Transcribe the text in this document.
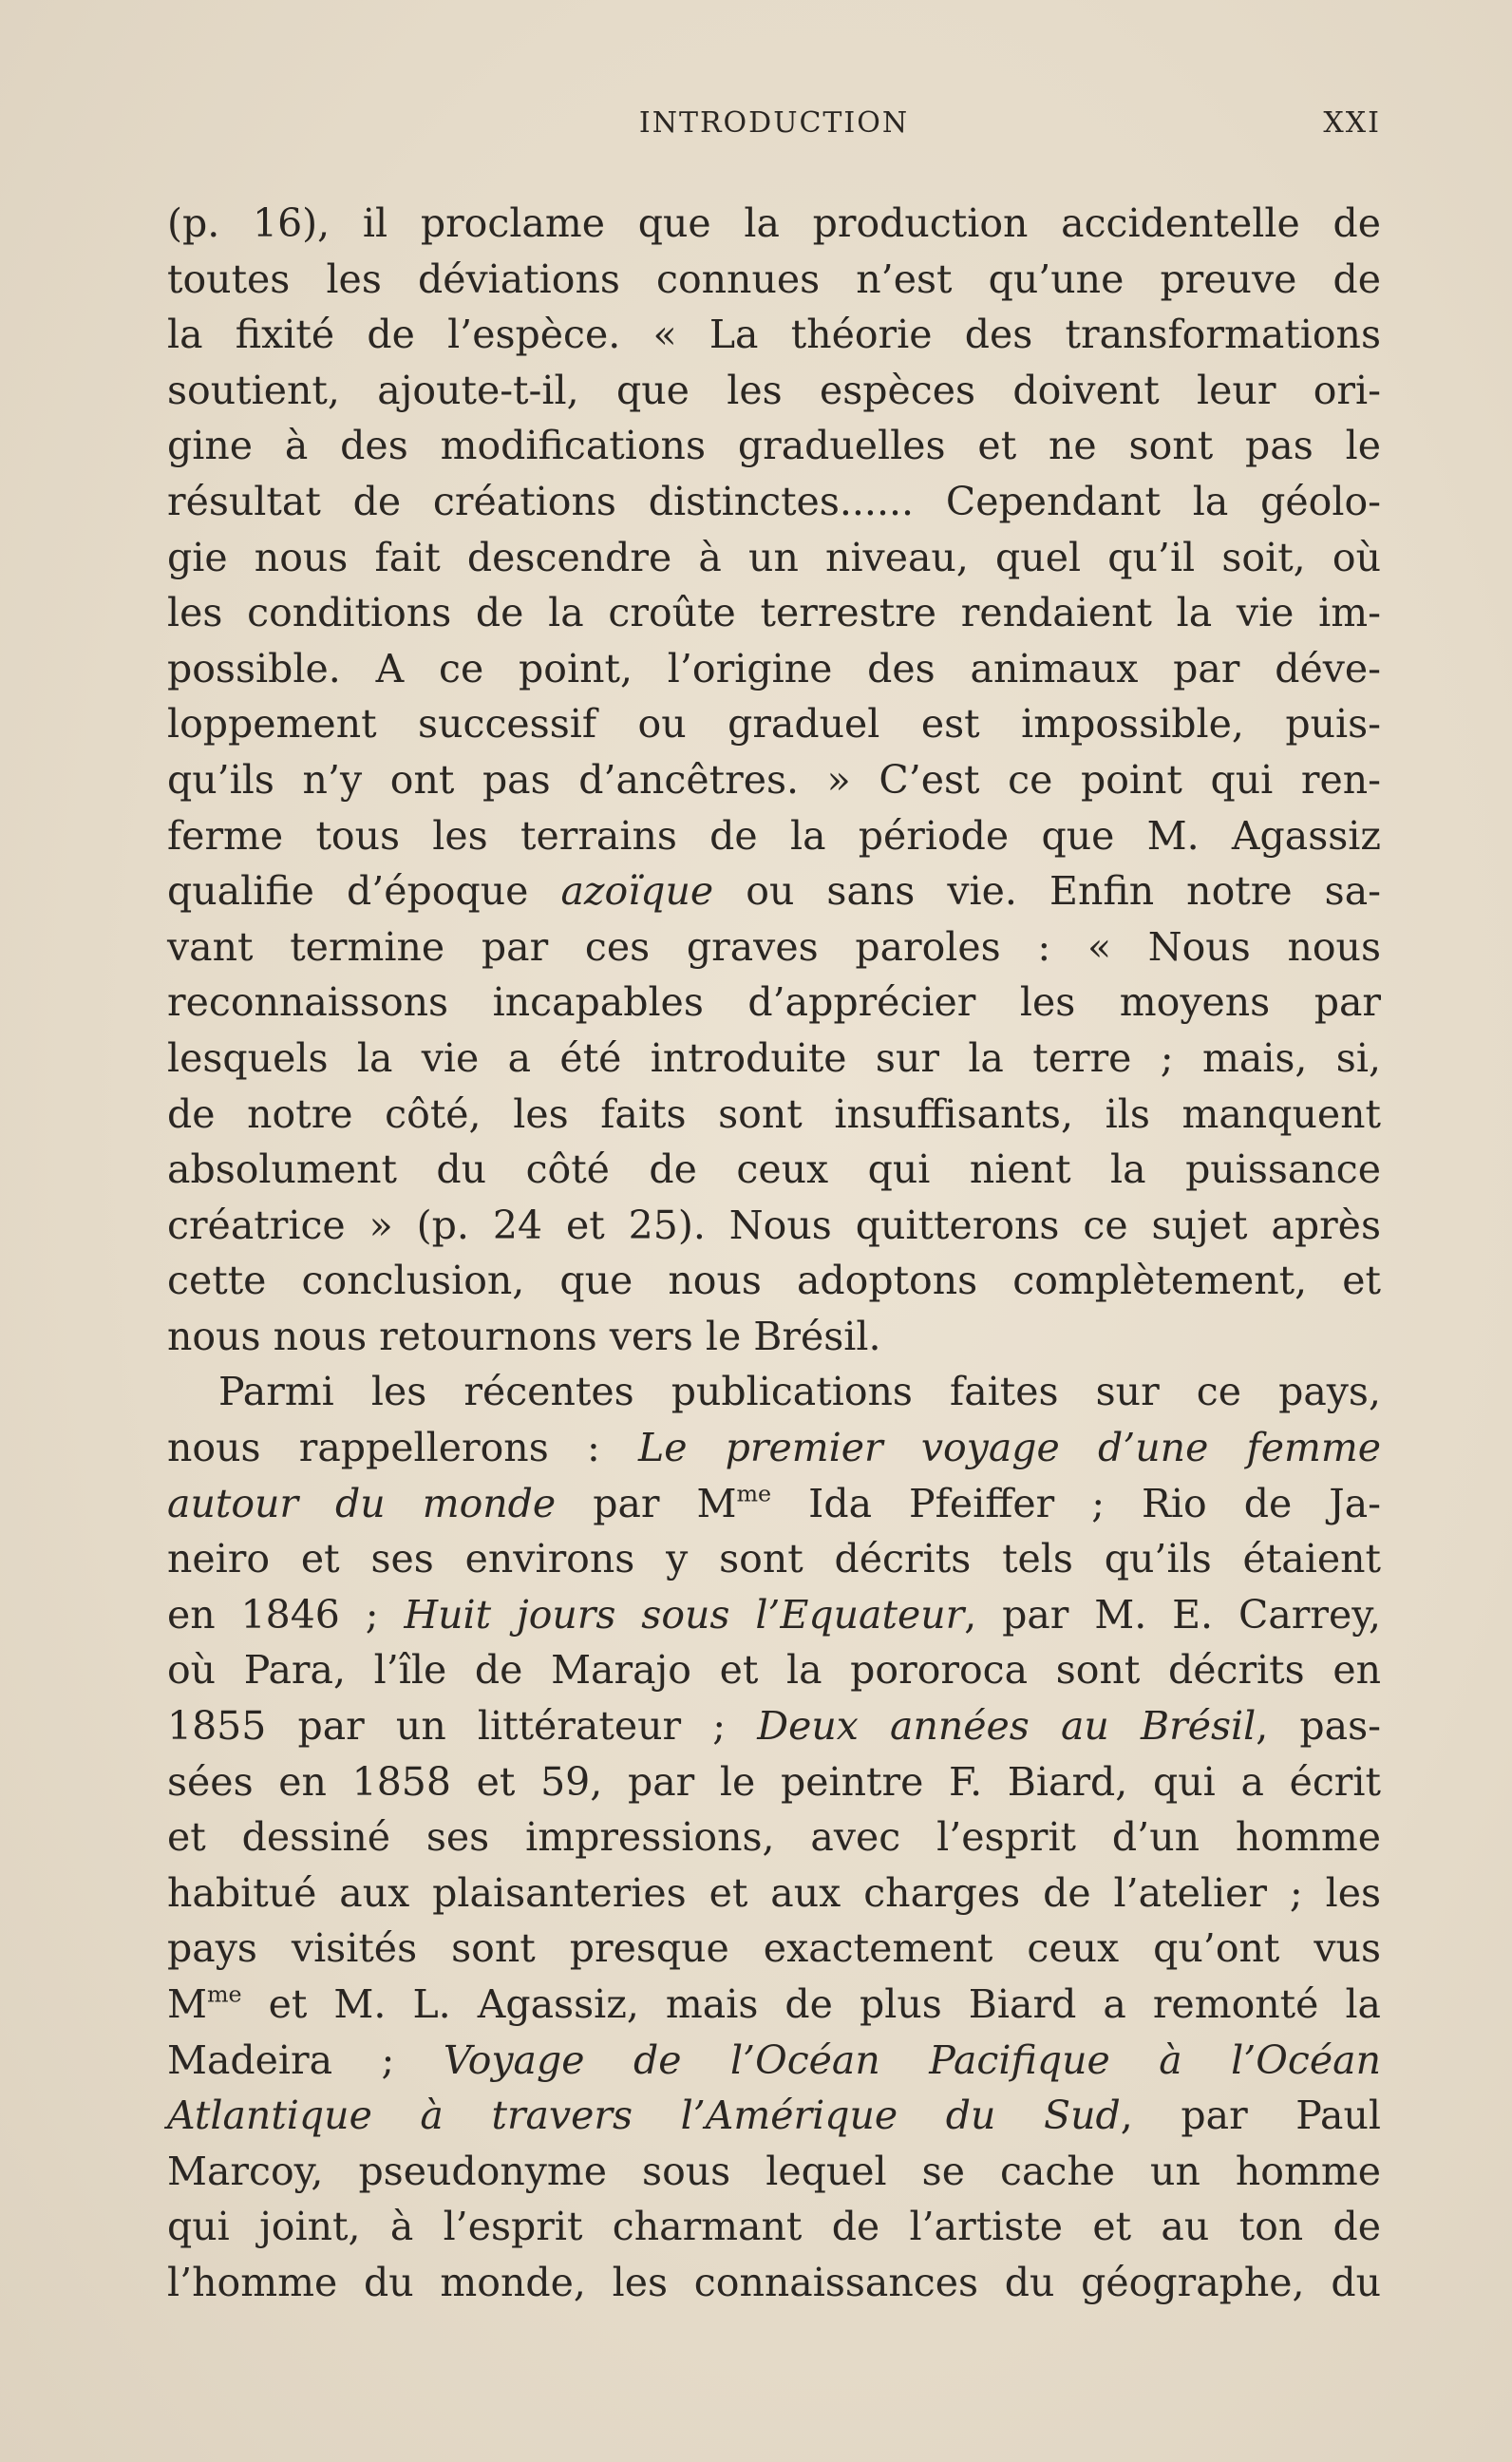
INTRODUCTION	XXI
(p. 16), il proclame que la production accidentelle de
toutes les déviations connues n’est qu’une preuve de
la fixité de l’espèce. « La théorie des transformations
soutient, ajoute-t-il, que les espèces doivent leur ori-
gine à des modifications graduelles et ne sont pas le
résultat de créations distinctes...... Cependant la géolo-
gie nous fait descendre à un niveau, quel qu’il soit, où
les conditions de la croûte terrestre rendaient la vie im-
possible. A ce point, l’origine des animaux par déve-
loppement successif ou graduel est impossible, puis-
qu’ils n’y ont pas d’ancêtres. » C’est ce point qui ren-
ferme tous les terrains de la période que M. Agassiz
qualifie d’époque azoïque ou sans vie. Enfin notre sa-
vant termine par ces graves paroles : « Nous nous
reconnaissons incapables d’apprécier les moyens par
lesquels la vie a été introduite sur la terre ; mais, si,
de notre côté, les faits sont insuffisants, ils manquent
absolument du côté de ceux qui nient la puissance
créatrice » (p. 24 et 25). Nous quitterons ce sujet après
cette conclusion, que nous adoptons complètement, et
nous nous retournons vers le Brésil.
Parmi les récentes publications faites sur ce pays,
nous rappellerons : Le premier voyage d’une femme
autour du monde par $M^{me}$ Ida Pfeiffer ; Rio de Ja-
neiro et ses environs y sont décrits tels qu’ils étaient
en 1846 ; Huit jours sous l’Equateur, par M. E. Carrey,
où Para, l’île de Marajo et la pororoca sont décrits en
1855 par un littérateur ; Deux années au Brésil, pas-
sées en 1858 et 59, par le peintre F. Biard, qui a écrit
et dessiné ses impressions, avec l’esprit d’un homme
habitué aux plaisanteries et aux charges de l’atelier ; les
pays visités sont presque exactement ceux qu’ont vus
$M^{me}$ et M. L. Agassiz, mais de plus Biard a remonté la
Madeira ; Voyage de l’Océan Pacifique à l’Océan
Atlantique à travers l’Amérique du Sud, par Paul
Marcoy, pseudonyme sous lequel se cache un homme
qui joint, à l’esprit charmant de l’artiste et au ton de
l’homme du monde, les connaissances du géographe, du
